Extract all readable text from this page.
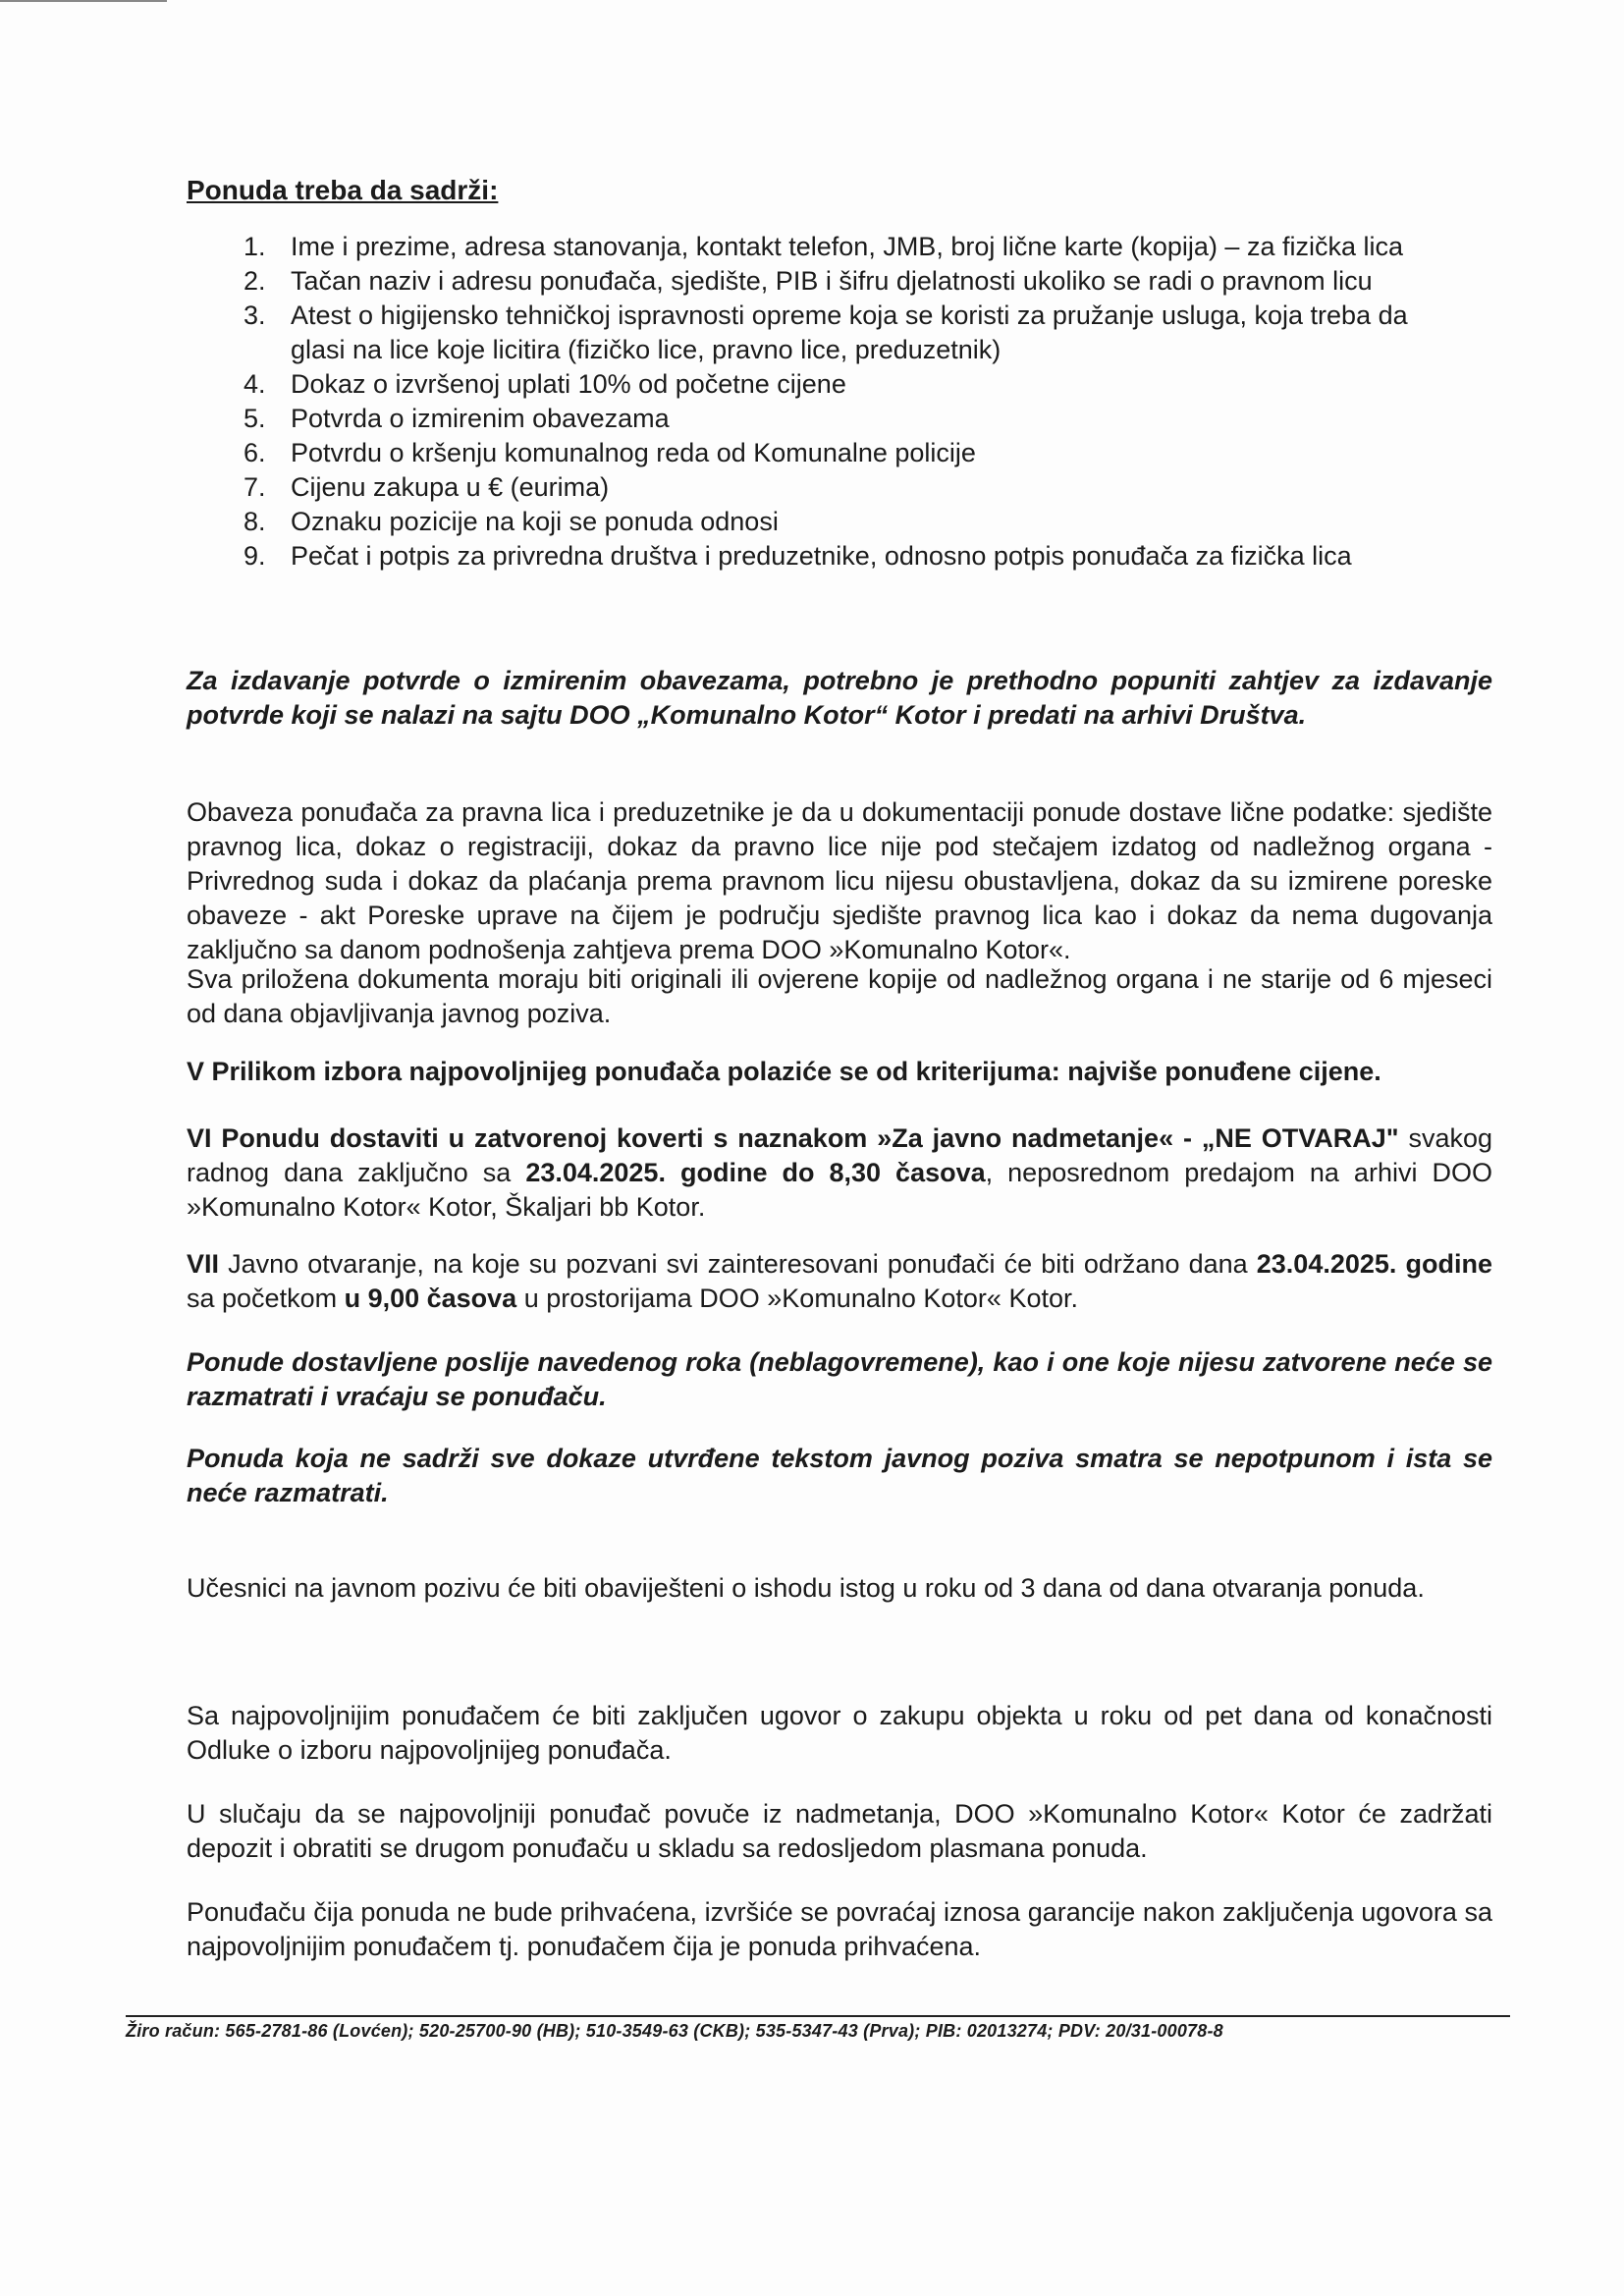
Ponuda treba da sadrži:
1. Ime i prezime, adresa stanovanja, kontakt telefon, JMB, broj lične karte (kopija) – za fizička lica
2. Tačan naziv i adresu ponuđača, sjedište, PIB i šifru djelatnosti ukoliko se radi o pravnom licu
3. Atest o higijensko tehničkoj ispravnosti opreme koja se koristi za pružanje usluga, koja treba da glasi na lice koje licitira (fizičko lice, pravno lice, preduzetnik)
4. Dokaz o izvršenoj uplati 10% od početne cijene
5. Potvrda o izmirenim obavezama
6. Potvrdu o kršenju komunalnog reda od Komunalne policije
7. Cijenu zakupa u € (eurima)
8. Oznaku pozicije na koji se ponuda odnosi
9. Pečat i potpis za privredna društva i preduzetnike, odnosno potpis ponuđača za fizička lica
Za izdavanje potvrde o izmirenim obavezama, potrebno je prethodno popuniti zahtjev za izdavanje potvrde koji se nalazi na sajtu DOO „Komunalno Kotor“ Kotor i predati na arhivi Društva.
Obaveza ponuđača za pravna lica i preduzetnike je da u dokumentaciji ponude dostave lične podatke: sjedište pravnog lica, dokaz o registraciji, dokaz da pravno lice nije pod stečajem izdatog od nadležnog organa - Privrednog suda i dokaz da plaćanja prema pravnom licu nijesu obustavljena, dokaz da su izmirene poreske obaveze - akt Poreske uprave na čijem je području sjedište pravnog lica kao i dokaz da nema dugovanja zaključno sa danom podnošenja zahtjeva prema DOO »Komunalno Kotor«.
Sva priložena dokumenta moraju biti originali ili ovjerene kopije od nadležnog organa i ne starije od 6 mjeseci od dana objavljivanja javnog poziva.
V Prilikom izbora najpovoljnijeg ponuđača polaziće se od kriterijuma: najviše ponuđene cijene.
VI Ponudu dostaviti u zatvorenoj koverti s naznakom »Za javno nadmetanje« - „NE OTVARAJ" svakog radnog dana zaključno sa 23.04.2025. godine do 8,30 časova, neposrednom predajom na arhivi DOO »Komunalno Kotor« Kotor, Škaljari bb Kotor.
VII Javno otvaranje, na koje su pozvani svi zainteresovani ponuđači će biti održano dana 23.04.2025. godine sa početkom u 9,00 časova u prostorijama DOO »Komunalno Kotor« Kotor.
Ponude dostavljene poslije navedenog roka (neblagovremene), kao i one koje nijesu zatvorene neće se razmatrati i vraćaju se ponuđaču.
Ponuda koja ne sadrži sve dokaze utvrđene tekstom javnog poziva smatra se nepotpunom i ista se neće razmatrati.
Učesnici na javnom pozivu će biti obaviješteni o ishodu istog u roku od 3 dana od dana otvaranja ponuda.
Sa najpovoljnijim ponuđačem će biti zaključen ugovor o zakupu objekta u roku od pet dana od konačnosti Odluke o izboru najpovoljnijeg ponuđača.
U slučaju da se najpovoljniji ponuđač povuče iz nadmetanja, DOO »Komunalno Kotor« Kotor će zadržati depozit i obratiti se drugom ponuđaču u skladu sa redosljedom plasmana ponuda.
Ponuđaču čija ponuda ne bude prihvaćena, izvršiće se povraćaj iznosa garancije nakon zaključenja ugovora sa najpovoljnijim ponuđačem tj. ponuđačem čija je ponuda prihvaćena.
Žiro račun: 565-2781-86 (Lovćen); 520-25700-90 (HB); 510-3549-63 (CKB); 535-5347-43 (Prva); PIB: 02013274; PDV: 20/31-00078-8
